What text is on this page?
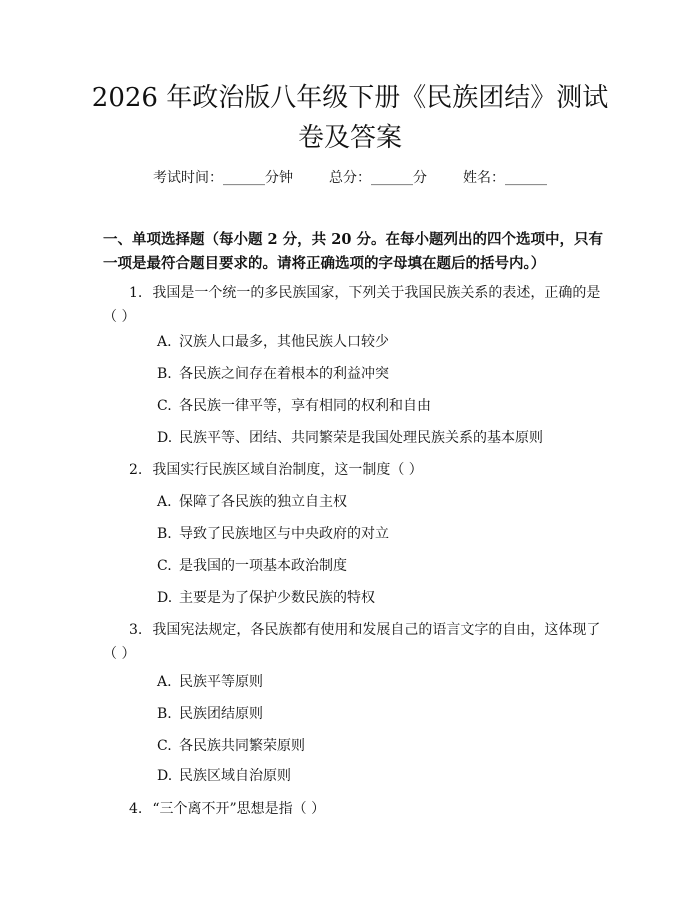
2026 年政治版八年级下册《民族团结》测试卷及答案
考试时间：______分钟	总分：______分	姓名：______

一、单项选择题（每小题 2 分，共 20 分。在每小题列出的四个选项中，只有一项是最符合题目要求的。请将正确选项的字母填在题后的括号内。）

1. 我国是一个统一的多民族国家，下列关于我国民族关系的表述，正确的是（ ）
A. 汉族人口最多，其他民族人口较少
B. 各民族之间存在着根本的利益冲突
C. 各民族一律平等，享有相同的权利和自由
D. 民族平等、团结、共同繁荣是我国处理民族关系的基本原则
2. 我国实行民族区域自治制度，这一制度（ ）
A. 保障了各民族的独立自主权
B. 导致了民族地区与中央政府的对立
C. 是我国的一项基本政治制度
D. 主要是为了保护少数民族的特权
3. 我国宪法规定，各民族都有使用和发展自己的语言文字的自由，这体现了（ ）
A. 民族平等原则
B. 民族团结原则
C. 各民族共同繁荣原则
D. 民族区域自治原则
4. “三个离不开”思想是指（ ）
